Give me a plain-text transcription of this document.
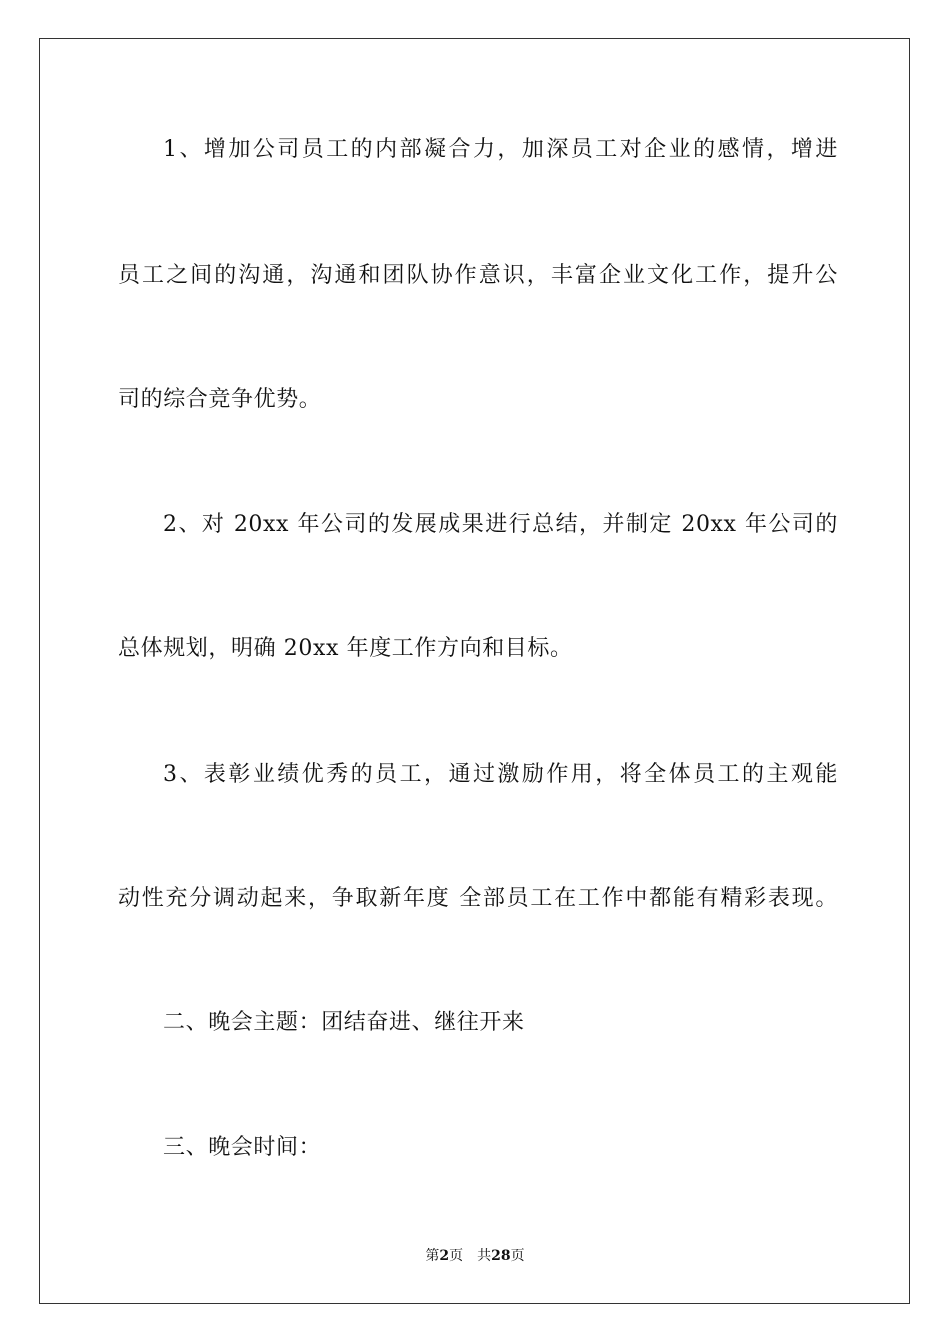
1、增加公司员工的内部凝合力，加深员工对企业的感情，增进
员工之间的沟通，沟通和团队协作意识，丰富企业文化工作，提升公
司的综合竞争优势。
2、对 20xx 年公司的发展成果进行总结，并制定 20xx 年公司的
总体规划，明确 20xx 年度工作方向和目标。
3、表彰业绩优秀的员工，通过激励作用，将全体员工的主观能
动性充分调动起来，争取新年度 全部员工在工作中都能有精彩表现。
二、晚会主题：团结奋进、继往开来
三、晚会时间：
第2页 共28页
